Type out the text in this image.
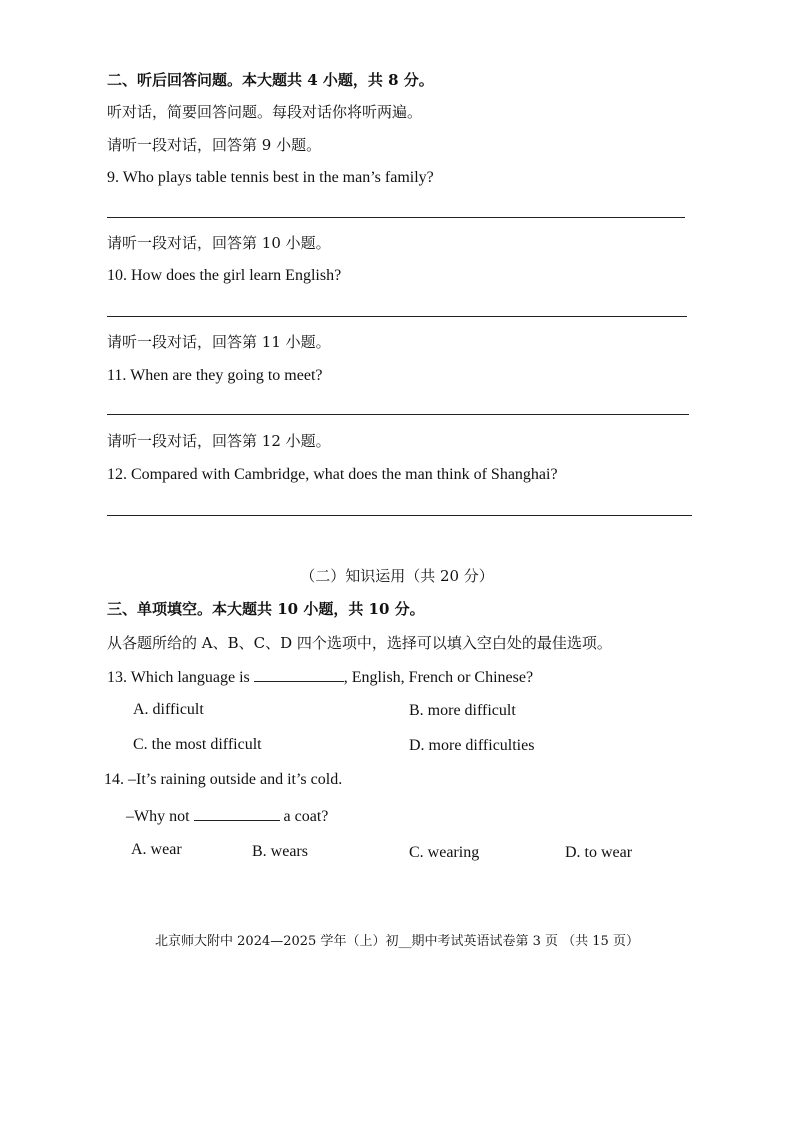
二、听后回答问题。本大题共 4 小题，共 8 分。
听对话，简要回答问题。每段对话你将听两遍。
请听一段对话，回答第 9 小题。
9. Who plays table tennis best in the man’s family?
请听一段对话，回答第 10 小题。
10. How does the girl learn English?
请听一段对话，回答第 11 小题。
11. When are they going to meet?
请听一段对话，回答第 12 小题。
12. Compared with Cambridge, what does the man think of Shanghai?
（二）知识运用（共 20 分）
三、单项填空。本大题共 10 小题，共 10 分。
从各题所给的 A、B、C、D 四个选项中，选择可以填入空白处的最佳选项。
13. Which language is	, English, French or Chinese?
A. difficult	B. more difficult
C. the most difficult	D. more difficulties
14. –It’s raining outside and it’s cold.
–Why not	a coat?
A. wear	B. wears	C. wearing	D. to wear
北京师大附中 2024—2025 学年（上）初__期中考试英语试卷第 3 页 （共 15 页）
